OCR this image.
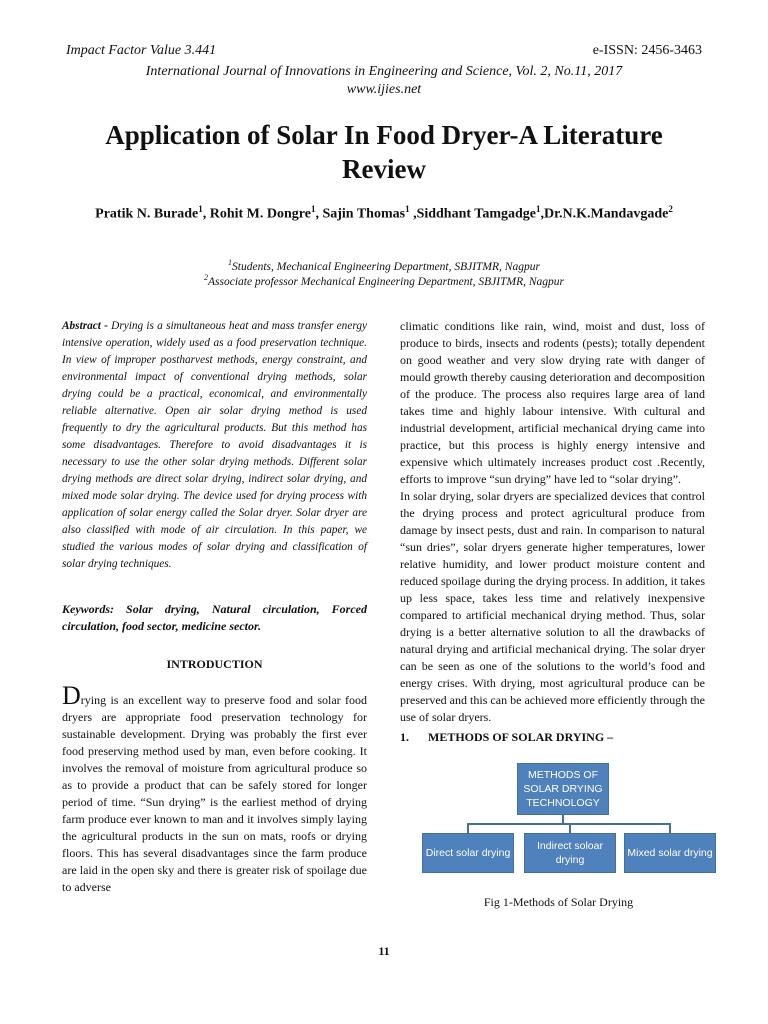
Impact Factor Value 3.441	e-ISSN: 2456-3463
International Journal of Innovations in Engineering and Science, Vol. 2, No.11, 2017
www.ijies.net
Application of Solar In Food Dryer-A Literature Review
Pratik N. Burade$^1$, Rohit M. Dongre$^1$, Sajin Thomas$^1$ ,Siddhant Tamgadge$^1$,Dr.N.K.Mandavgade$^2$
$^1$Students, Mechanical Engineering Department, SBJITMR, Nagpur
$^2$Associate professor Mechanical Engineering Department, SBJITMR, Nagpur

Abstract - Drying is a simultaneous heat and mass transfer energy intensive operation, widely used as a food preservation technique. In view of improper postharvest methods, energy constraint, and environmental impact of conventional drying methods, solar drying could be a practical, economical, and environmentally reliable alternative. Open air solar drying method is used frequently to dry the agricultural products. But this method has some disadvantages. Therefore to avoid disadvantages it is necessary to use the other solar drying methods. Different solar drying methods are direct solar drying, indirect solar drying, and mixed mode solar drying. The device used for drying process with application of solar energy called the Solar dryer. Solar dryer are also classified with mode of air circulation. In this paper, we studied the various modes of solar drying and classification of solar drying techniques.

Keywords: Solar drying, Natural circulation, Forced circulation, food sector, medicine sector.

INTRODUCTION

Drying is an excellent way to preserve food and solar food dryers are appropriate food preservation technology for sustainable development. Drying was probably the first ever food preserving method used by man, even before cooking. It involves the removal of moisture from agricultural produce so as to provide a product that can be safely stored for longer period of time. “Sun drying” is the earliest method of drying farm produce ever known to man and it involves simply laying the agricultural products in the sun on mats, roofs or drying floors. This has several disadvantages since the farm produce are laid in the open sky and there is greater risk of spoilage due to adverse

climatic conditions like rain, wind, moist and dust, loss of produce to birds, insects and rodents (pests); totally dependent on good weather and very slow drying rate with danger of mould growth thereby causing deterioration and decomposition of the produce. The process also requires large area of land takes time and highly labour intensive. With cultural and industrial development, artificial mechanical drying came into practice, but this process is highly energy intensive and expensive which ultimately increases product cost .Recently, efforts to improve “sun drying” have led to “solar drying”.

In solar drying, solar dryers are specialized devices that control the drying process and protect agricultural produce from damage by insect pests, dust and rain. In comparison to natural “sun dries”, solar dryers generate higher temperatures, lower relative humidity, and lower product moisture content and reduced spoilage during the drying process. In addition, it takes up less space, takes less time and relatively inexpensive compared to artificial mechanical drying method. Thus, solar drying is a better alternative solution to all the drawbacks of natural drying and artificial mechanical drying. The solar dryer can be seen as one of the solutions to the world’s food and energy crises. With drying, most agricultural produce can be preserved and this can be achieved more efficiently through the use of solar dryers.

1. METHODS OF SOLAR DRYING –
METHODS OF SOLAR DRYING TECHNOLOGY
Direct solar drying
Indirect soloar drying
Mixed solar drying
Fig 1-Methods of Solar Drying
11
